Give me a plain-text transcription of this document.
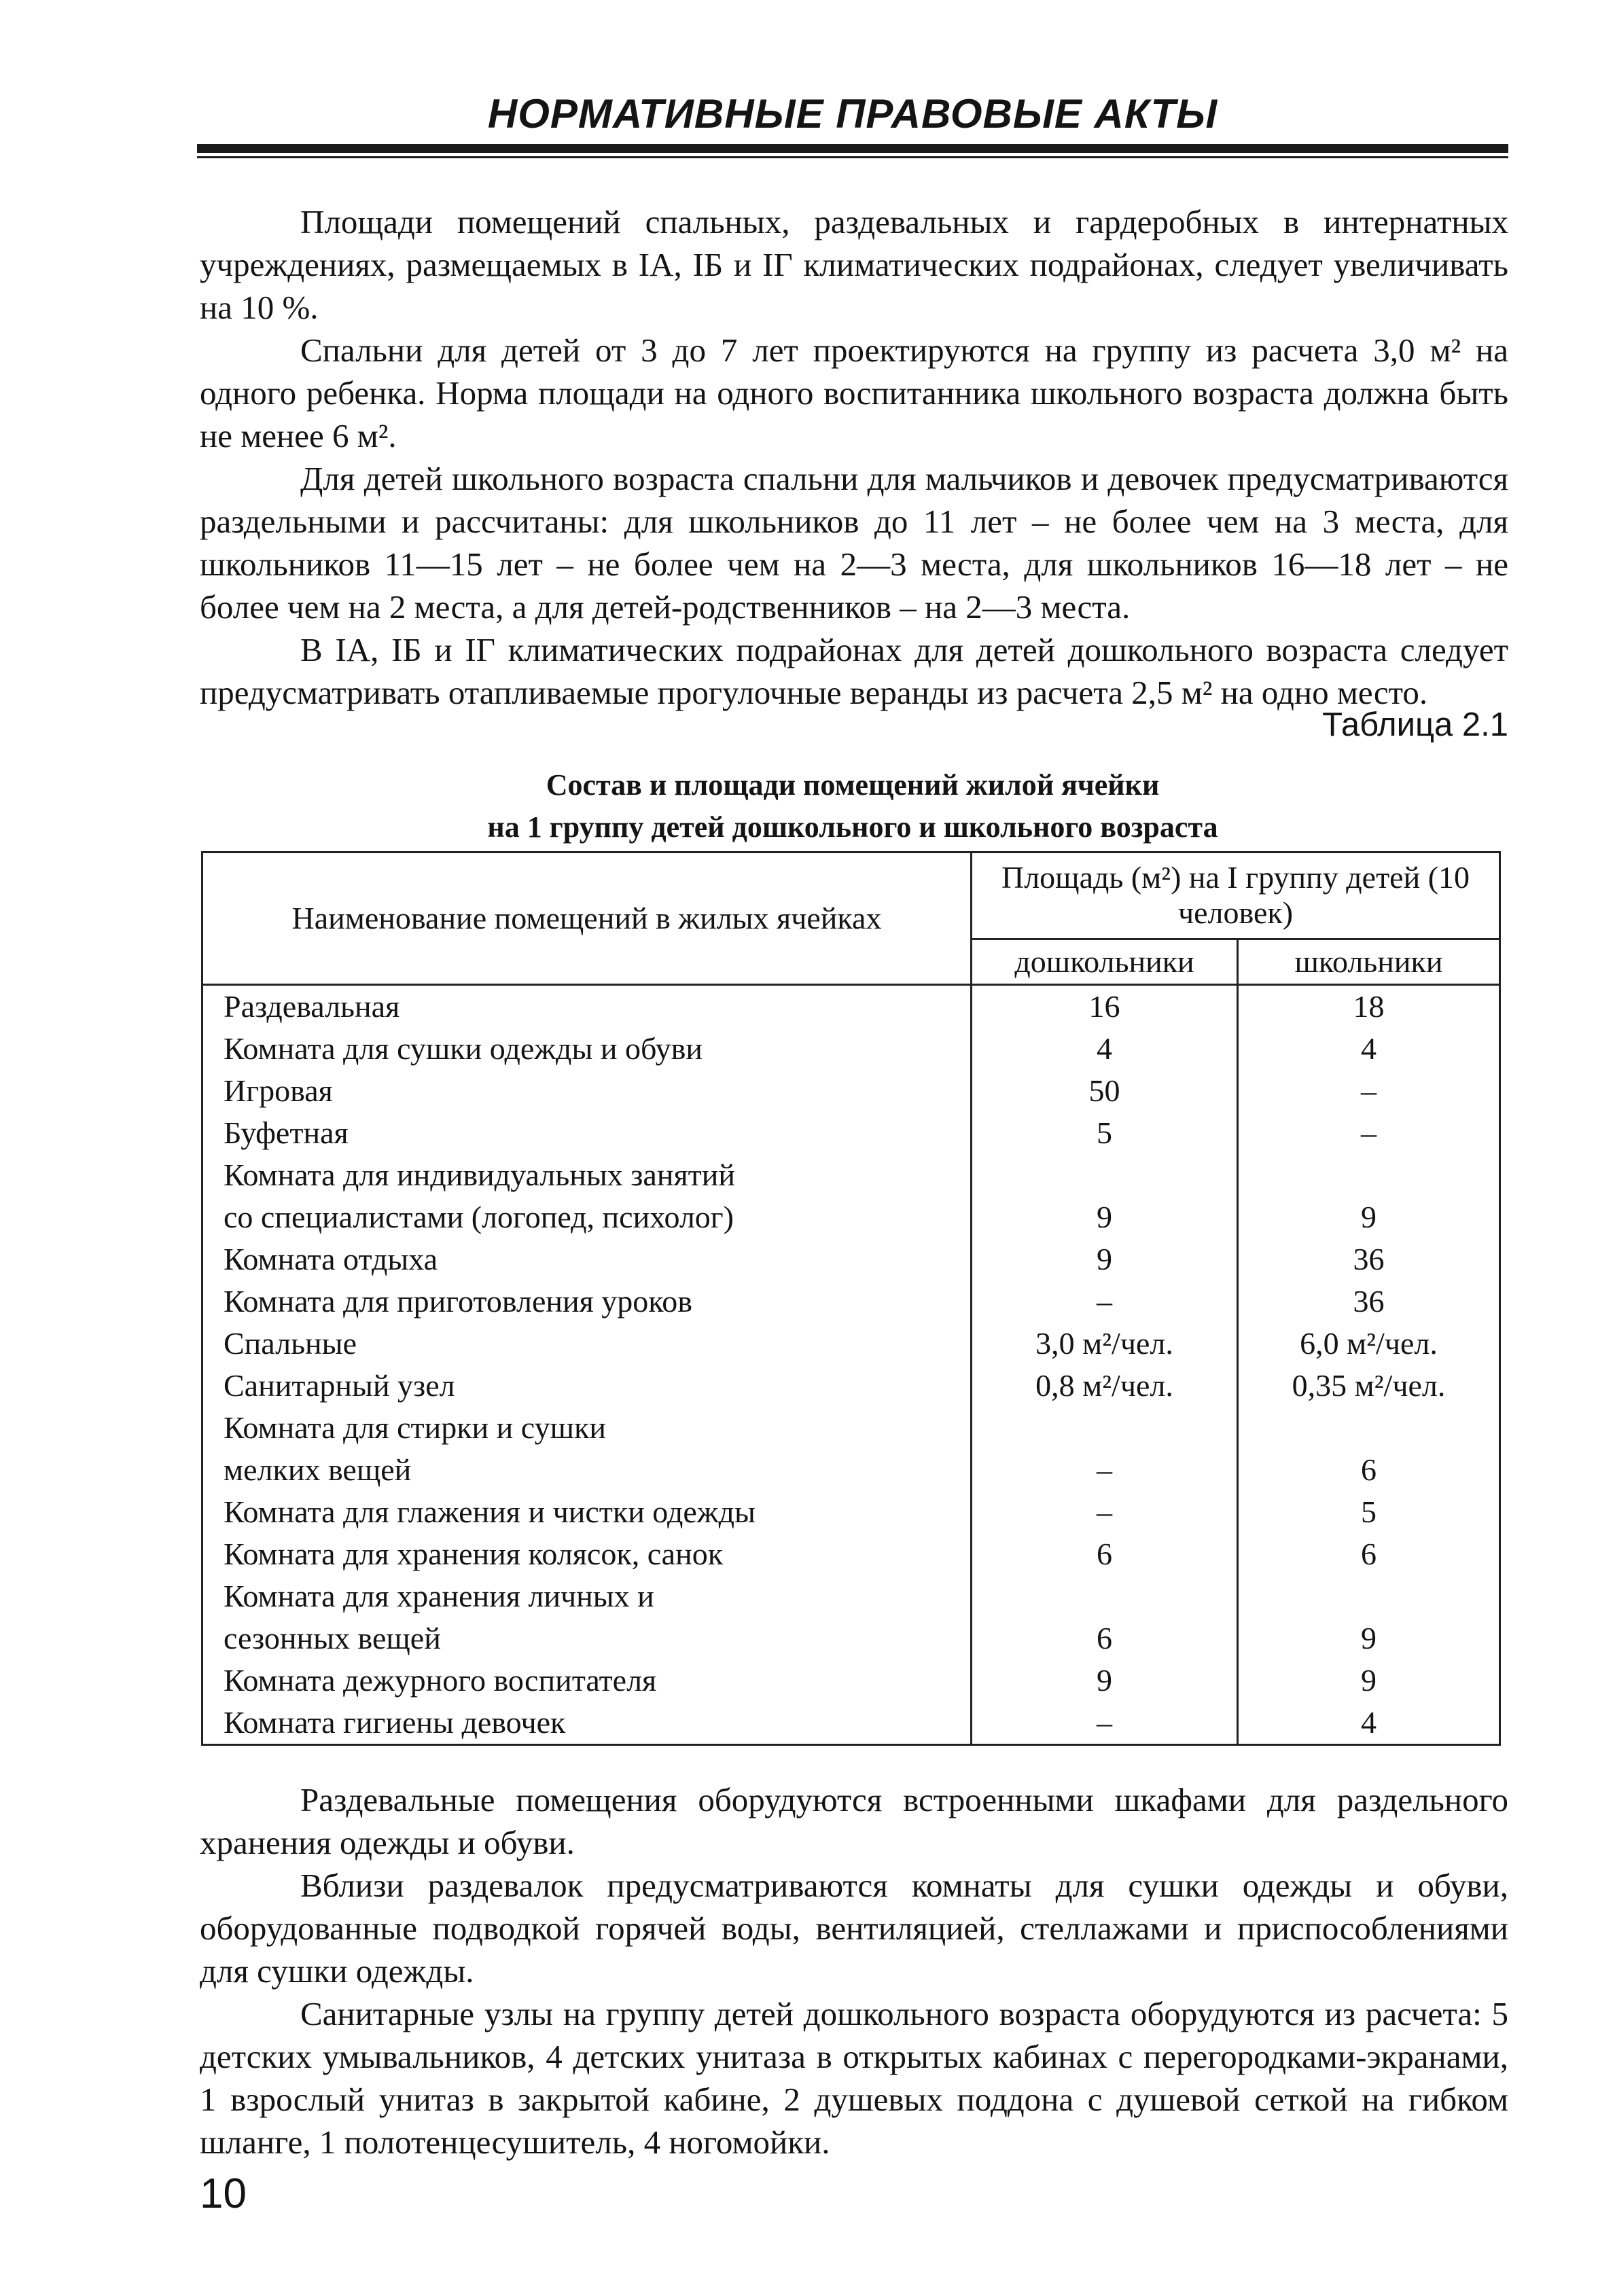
НОРМАТИВНЫЕ ПРАВОВЫЕ АКТЫ

Площади помещений спальных, раздевальных и гардеробных в интернатных учреждениях, размещаемых в IA, IБ и IГ климатических подрайонах, следует увеличивать на 10 %.

Спальни для детей от 3 до 7 лет проектируются на группу из расчета 3,0 м² на одного ребенка. Норма площади на одного воспитанника школьного возраста должна быть не менее 6 м².

Для детей школьного возраста спальни для мальчиков и девочек предусматриваются раздельными и рассчитаны: для школьников до 11 лет – не более чем на 3 места, для школьников 11—15 лет – не более чем на 2—3 места, для школьников 16—18 лет – не более чем на 2 места, а для детей-родственников – на 2—3 места.

В IA, IБ и IГ климатических подрайонах для детей дошкольного возраста следует предусматривать отапливаемые прогулочные веранды из расчета 2,5 м² на одно место.

Таблица 2.1
Состав и площади помещений жилой ячейки
на 1 группу детей дошкольного и школьного возраста
Наименование помещений в жилых ячейках	Площадь (м²) на I группу детей (10 человек)	
	дошкольники	школьники
Раздевальная	16	18
Комната для сушки одежды и обуви	4	4
Игровая	50	–
Буфетная	5	–
Комната для индивидуальных занятий		
со специалистами (логопед, психолог)	9	9
Комната отдыха	9	36
Комната для приготовления уроков	–	36
Спальные	3,0 м²/чел.	6,0 м²/чел.
Санитарный узел	0,8 м²/чел.	0,35 м²/чел.
Комната для стирки и сушки		
мелких вещей	–	6
Комната для глажения и чистки одежды	–	5
Комната для хранения колясок, санок	6	6
Комната для хранения личных и		
сезонных вещей	6	9
Комната дежурного воспитателя	9	9
Комната гигиены девочек	–	4

Раздевальные помещения оборудуются встроенными шкафами для раздельного хранения одежды и обуви.

Вблизи раздевалок предусматриваются комнаты для сушки одежды и обуви, оборудованные подводкой горячей воды, вентиляцией, стеллажами и приспособлениями для сушки одежды.

Санитарные узлы на группу детей дошкольного возраста оборудуются из расчета: 5 детских умывальников, 4 детских унитаза в открытых кабинах с перегородками-экранами, 1 взрослый унитаз в закрытой кабине, 2 душевых поддона с душевой сеткой на гибком шланге, 1 полотенцесушитель, 4 ногомойки.

10
